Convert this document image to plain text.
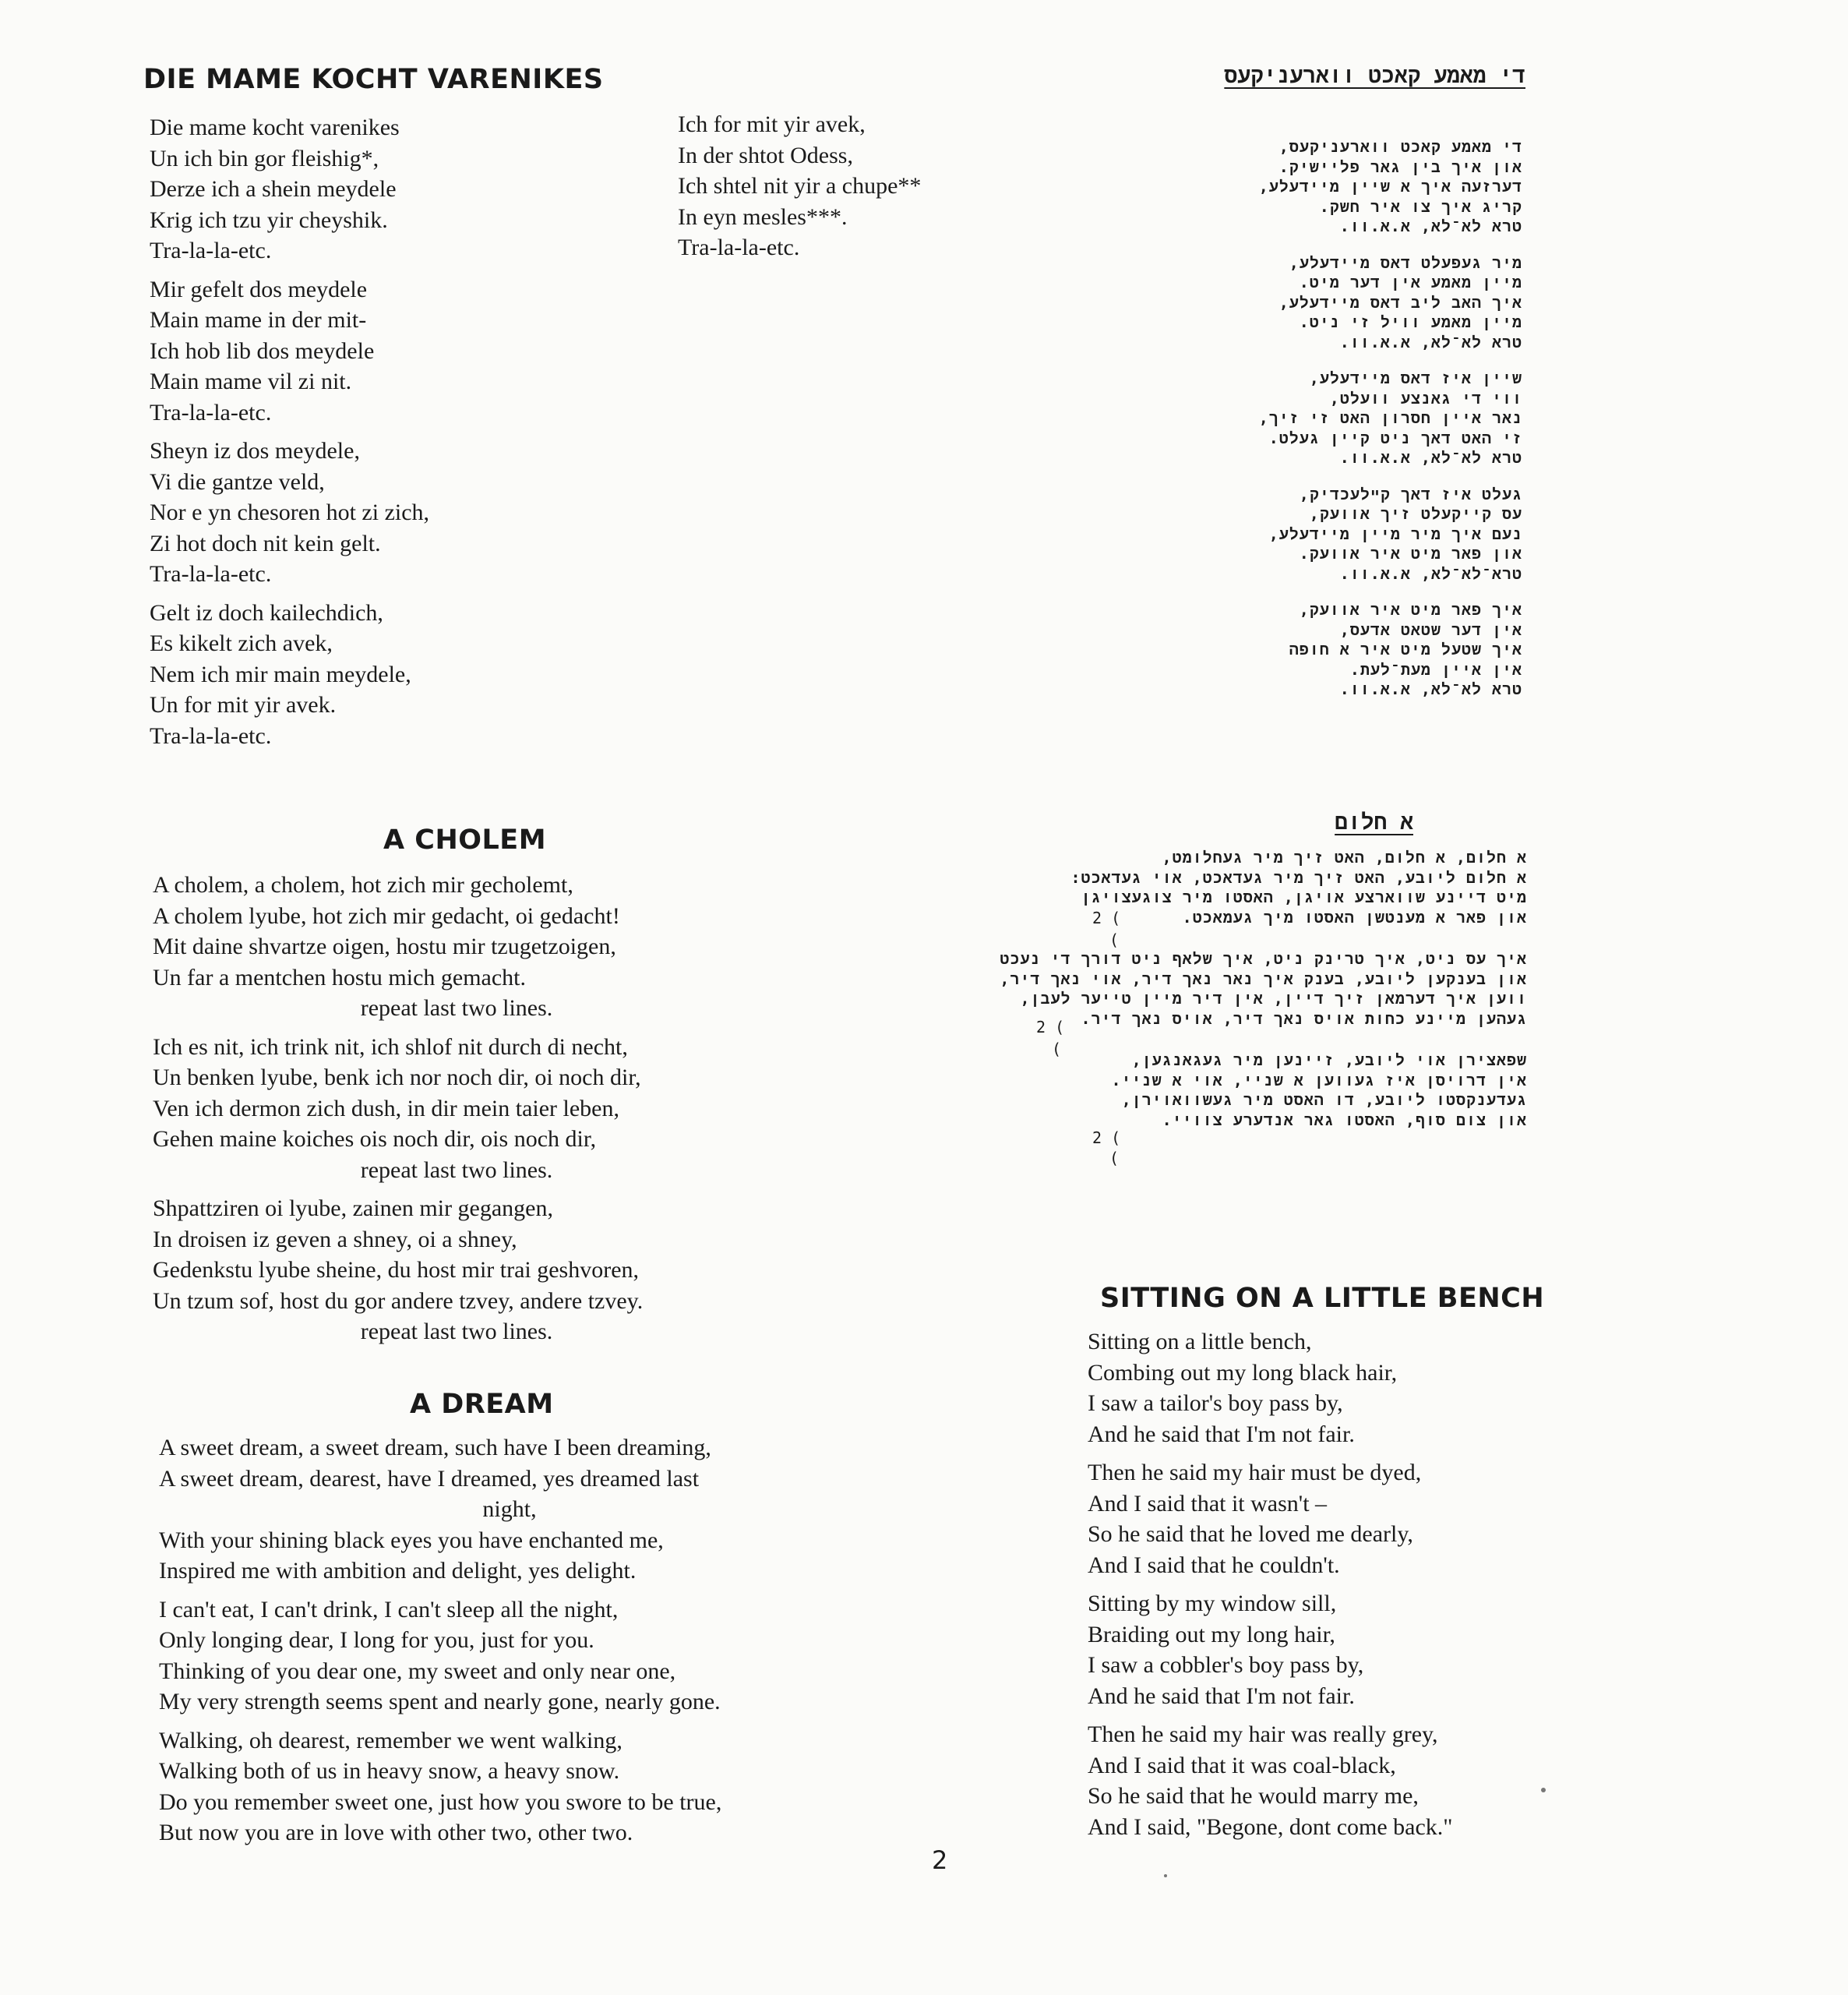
DIE MAME KOCHT VARENIKES
Die mame kocht varenikes
Un ich bin gor fleishig*,
Derze ich a shein meydele
Krig ich tzu yir cheyshik.
Tra-la-la-etc.
Mir gefelt dos meydele
Main mame in der mit-
Ich hob lib dos meydele
Main mame vil zi nit.
Tra-la-la-etc.
Sheyn iz dos meydele,
Vi die gantze veld,
Nor e yn chesoren hot zi zich,
Zi hot doch nit kein gelt.
Tra-la-la-etc.
Gelt iz doch kailechdich,
Es kikelt zich avek,
Nem ich mir main meydele,
Un for mit yir avek.
Tra-la-la-etc.
Ich for mit yir avek,
In der shtot Odess,
Ich shtel nit yir a chupe**
In eyn mesles***.
Tra-la-la-etc.
A CHOLEM
A cholem, a cholem, hot zich mir gecholemt,
A cholem lyube, hot zich mir gedacht, oi gedacht!
Mit daine shvartze oigen, hostu mir tzugetzoigen,
Un far a mentchen hostu mich gemacht.
repeat last two lines.
Ich es nit, ich trink nit, ich shlof nit durch di necht,
Un benken lyube, benk ich nor noch dir, oi noch dir,
Ven ich dermon zich dush, in dir mein taier leben,
Gehen maine koiches ois noch dir, ois noch dir,
repeat last two lines.
Shpattziren oi lyube, zainen mir gegangen,
In droisen iz geven a shney, oi a shney,
Gedenkstu lyube sheine, du host mir trai geshvoren,
Un tzum sof, host du gor andere tzvey, andere tzvey.
repeat last two lines.
A DREAM
A sweet dream, a sweet dream, such have I been dreaming,
A sweet dream, dearest, have I dreamed, yes dreamed last
night,
With your shining black eyes you have enchanted me,
Inspired me with ambition and delight, yes delight.
I can't eat, I can't drink, I can't sleep all the night,
Only longing dear, I long for you, just for you.
Thinking of you dear one, my sweet and only near one,
My very strength seems spent and nearly gone, nearly gone.
Walking, oh dearest, remember we went walking,
Walking both of us in heavy snow, a heavy snow.
Do you remember sweet one, just how you swore to be true,
But now you are in love with other two, other two.
SITTING ON A LITTLE BENCH
Sitting on a little bench,
Combing out my long black hair,
I saw a tailor's boy pass by,
And he said that I'm not fair.
Then he said my hair must be dyed,
And I said that it wasn't –
So he said that he loved me dearly,
And I said that he couldn't.
Sitting by my window sill,
Braiding out my long hair,
I saw a cobbler's boy pass by,
And he said that I'm not fair.
Then he said my hair was really grey,
And I said that it was coal-black,
So he said that he would marry me,
And I said, "Begone, dont come back."
די מאמע קאכט ווארעניקעס
די מאמע קאכט ווארעניקעס,
און איך בין גאר פליישיק.
דערזעה איך א שיין מיידעלע,
קריג איך צו איר חשק.
טרא לא־לא, א.א.וו.
מיר געפעלט דאס מיידעלע,
מיין מאמע אין דער מיט.
איך האב ליב דאס מיידעלע,
מיין מאמע וויל זי ניט.
טרא לא־לא, א.א.וו.
שיין איז דאס מיידעלע,
ווי די גאנצע וועלט,
נאר איין חסרון האט זי זיך,
זי האט דאך ניט קיין געלט.
טרא לא־לא, א.א.וו.
געלט איז דאך קײלעכדיק,
עס קייקעלט זיך אוועק,
נעם איך מיר מיין מיידעלע,
און פאר מיט איר אוועק.
טרא־לא־לא, א.א.וו.
איך פאר מיט איר אוועק,
אין דער שטאט אדעס,
איך שטעל מיט איר א חופה
אין איין מעת־לעת.
טרא לא־לא, א.א.וו.
א חלום
א חלום, א חלום, האט זיך מיר געחלומט,
א חלום ליובע, האט זיך מיר געדאכט, אוי געדאכט:
מיט דיינע שווארצע אויגן, האסטו מיר צוגעצויגן
און פאר א מענטשן האסטו מיך געמאכט.
איך עס ניט, איך טרינק ניט, איך שלאף ניט דורך די נעכט
און בענקען ליובע, בענק איך נאר נאך דיר, אוי נאך דיר,
ווען איך דערמאן זיך דיין, אין דיר מיין טייער לעבן,
געהען מיינע כחות אויס נאך דיר, אויס נאך דיר.
שפאצירן אוי ליובע, זיינען מיר געגאנגען,
אין דרויסן איז געווען א שניי, אוי א שניי.
געדענקסטו ליובע, דו האסט מיר געשוואוירן,
און צום סוף, האסטו גאר אנדערע צוויי.
2 (
(
2 (
(
2 (
(
2
